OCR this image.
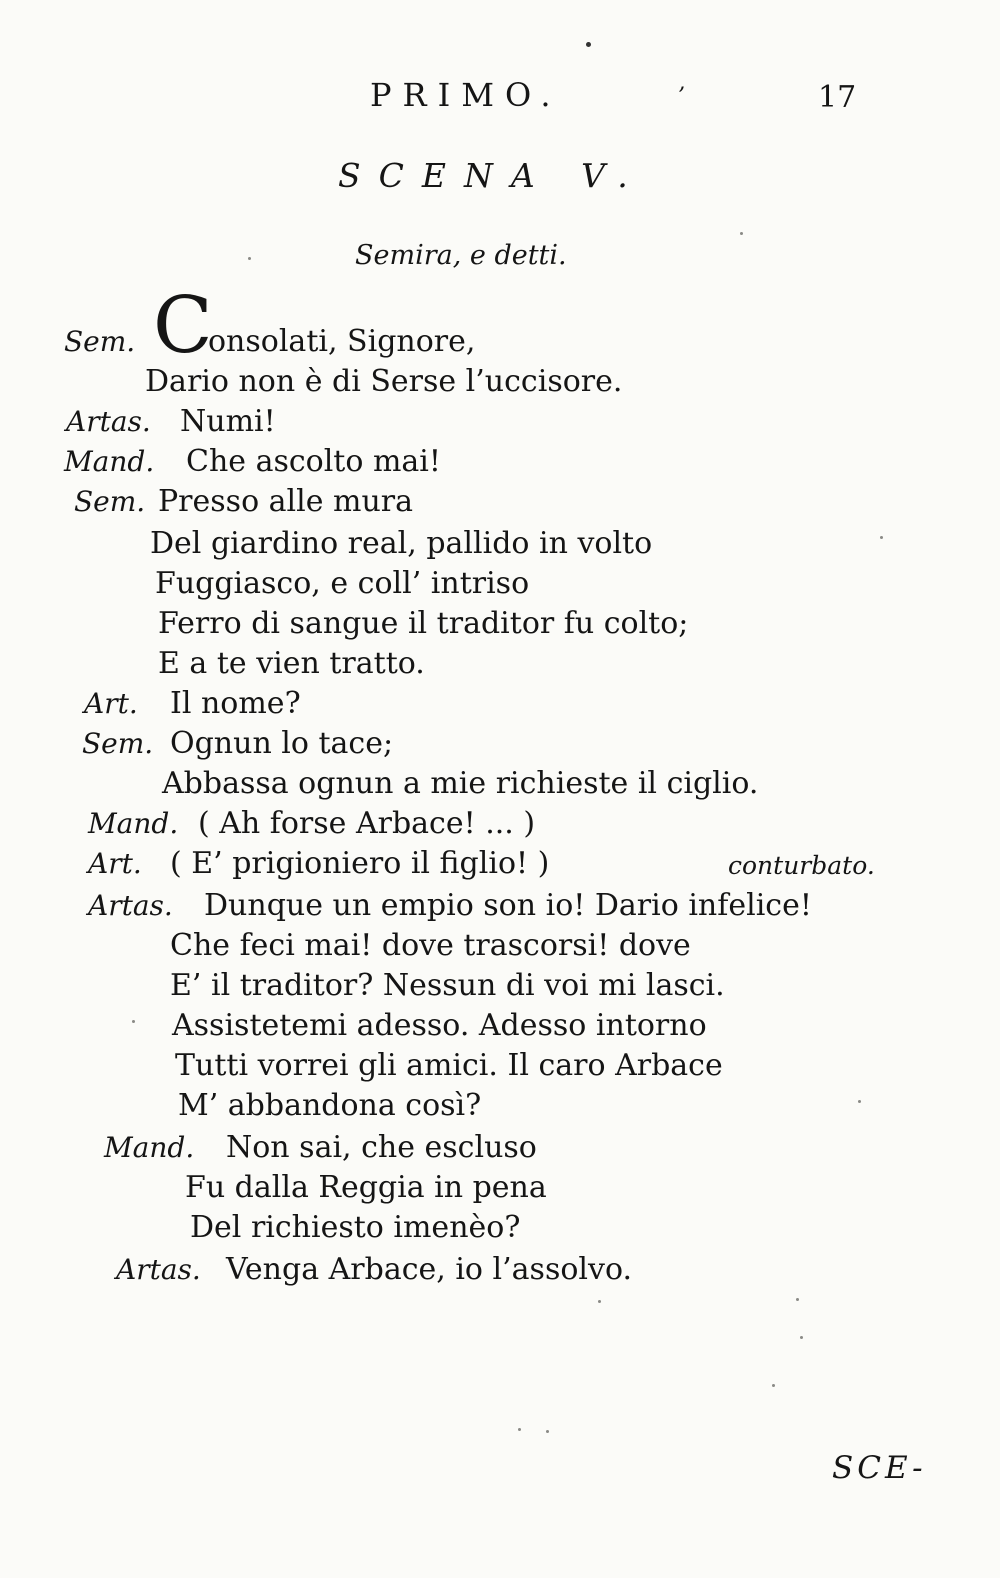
PRIMO.	’	17
SCENA V.
Semira, e detti.
Sem. C
onsolati, Signore,
Dario non è di Serse l’uccisore.
Artas. Numi!
Mand. Che ascolto mai!
Sem. Presso alle mura
Del giardino real, pallido in volto
Fuggiasco, e coll’ intriso
Ferro di sangue il traditor fu colto;
E a te vien tratto.
Art. Il nome?
Sem. Ognun lo tace;
Abbassa ognun a mie richieste il ciglio.
Mand. ( Ah forse Arbace! ... )
Art. ( E’ prigioniero il figlio! )	conturbato.
Artas. Dunque un empio son io! Dario infelice!
Che feci mai! dove trascorsi! dove
E’ il traditor? Nessun di voi mi lasci.
Assistetemi adesso. Adesso intorno
Tutti vorrei gli amici. Il caro Arbace
M’ abbandona così?
Mand. Non sai, che escluso
Fu dalla Reggia in pena
Del richiesto imenèo?
Artas. Venga Arbace, io l’assolvo.
SCE-
